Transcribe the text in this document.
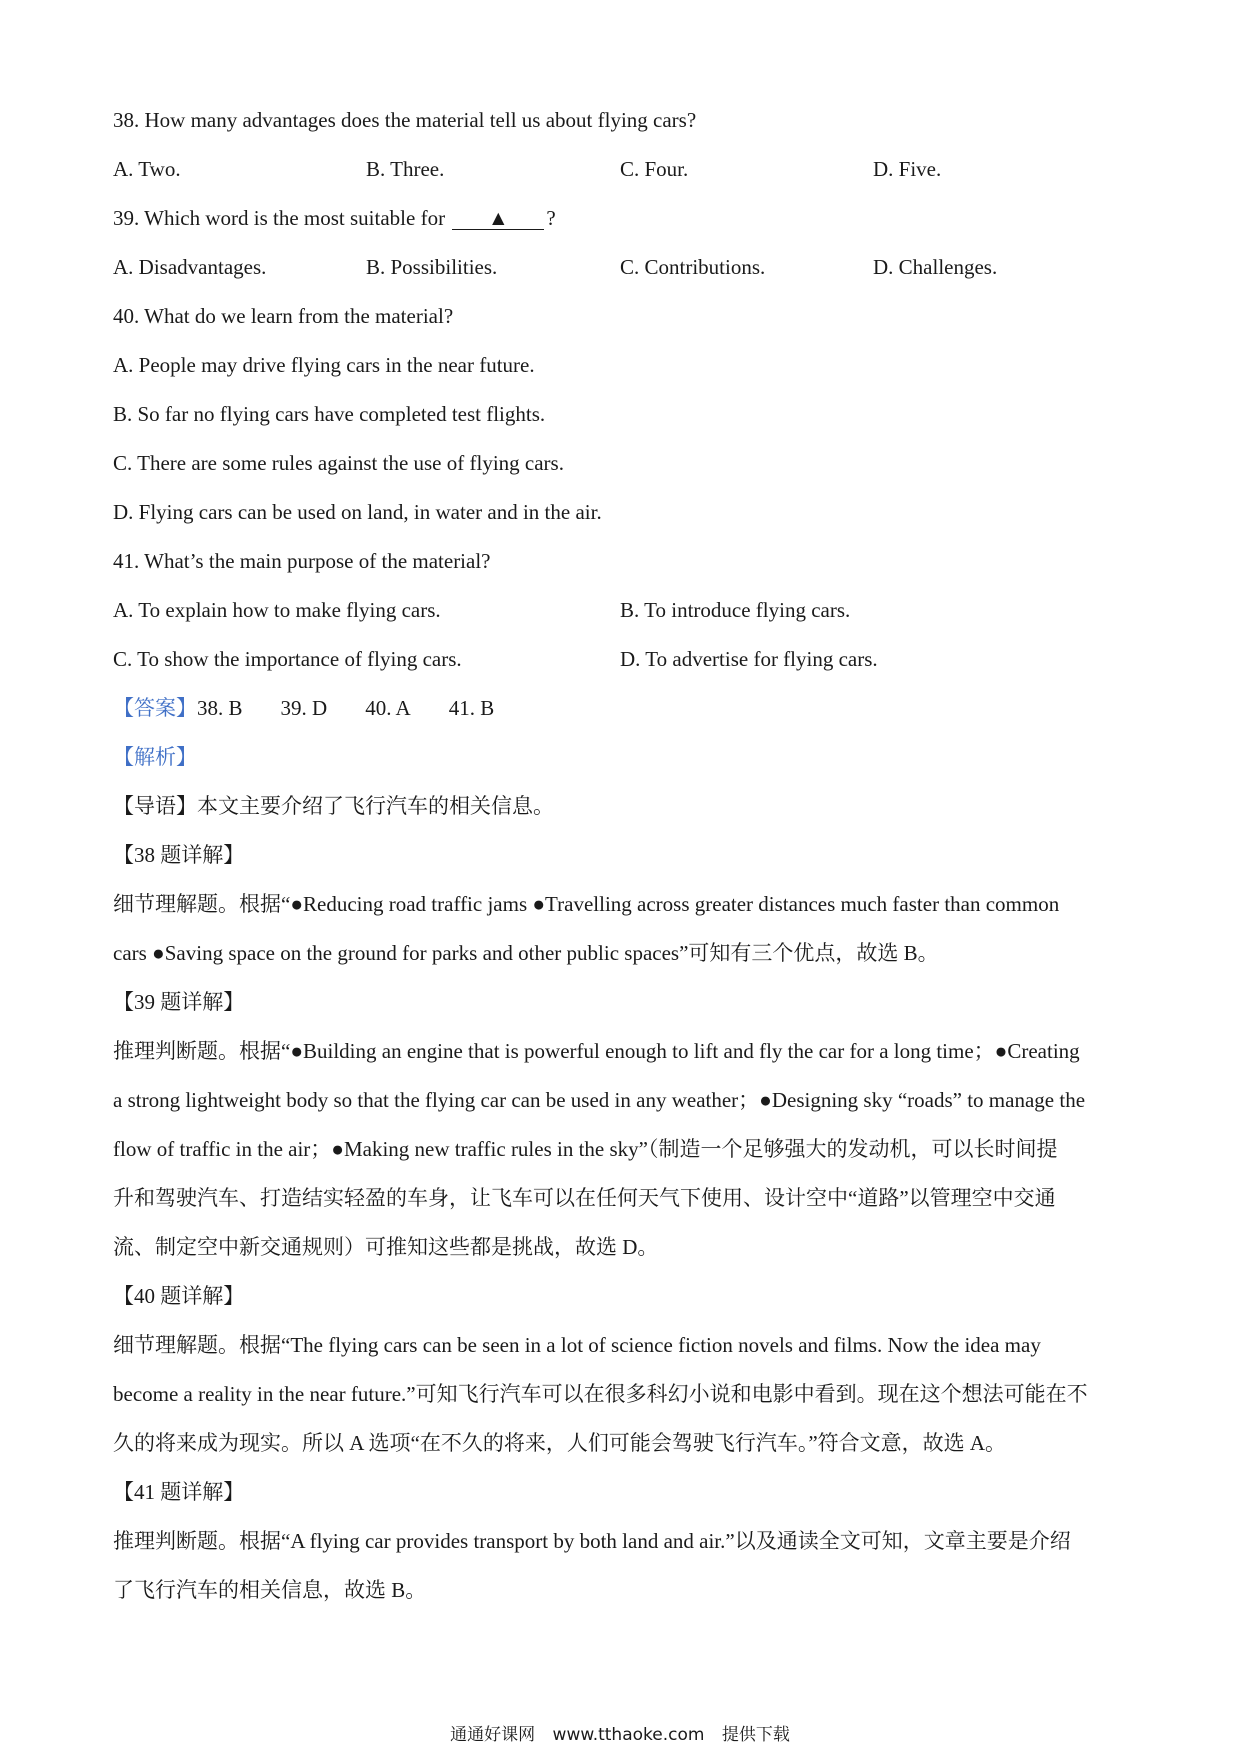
38. How many advantages does the material tell us about flying cars?
A. Two.	B. Three.	C. Four.	D. Five.
39. Which word is the most suitable for ▲ ?
A. Disadvantages.	B. Possibilities.	C. Contributions.	D. Challenges.
40. What do we learn from the material?
A. People may drive flying cars in the near future.
B. So far no flying cars have completed test flights.
C. There are some rules against the use of flying cars.
D. Flying cars can be used on land, in water and in the air.
41. What’s the main purpose of the material?
A. To explain how to make flying cars.	B. To introduce flying cars.
C. To show the importance of flying cars.	D. To advertise for flying cars.
【答案】38. B 39. D 40. A 41. B
【解析】
【导语】本文主要介绍了飞行汽车的相关信息。
【38 题详解】
细节理解题。根据“●Reducing road traffic jams ●Travelling across greater distances much faster than common
cars ●Saving space on the ground for parks and other public spaces”可知有三个优点，故选 B。
【39 题详解】
推理判断题。根据“●Building an engine that is powerful enough to lift and fly the car for a long time；●Creating
a strong lightweight body so that the flying car can be used in any weather；●Designing sky “roads” to manage the
flow of traffic in the air；●Making new traffic rules in the sky”（制造一个足够强大的发动机，可以长时间提
升和驾驶汽车、打造结实轻盈的车身，让飞车可以在任何天气下使用、设计空中“道路”以管理空中交通
流、制定空中新交通规则）可推知这些都是挑战，故选 D。
【40 题详解】
细节理解题。根据“The flying cars can be seen in a lot of science fiction novels and films. Now the idea may
become a reality in the near future.”可知飞行汽车可以在很多科幻小说和电影中看到。现在这个想法可能在不
久的将来成为现实。所以 A 选项“在不久的将来，人们可能会驾驶飞行汽车。”符合文意，故选 A。
【41 题详解】
推理判断题。根据“A flying car provides transport by both land and air.”以及通读全文可知，文章主要是介绍
了飞行汽车的相关信息，故选 B。
通通好课网 www.tthaoke.com 提供下载
